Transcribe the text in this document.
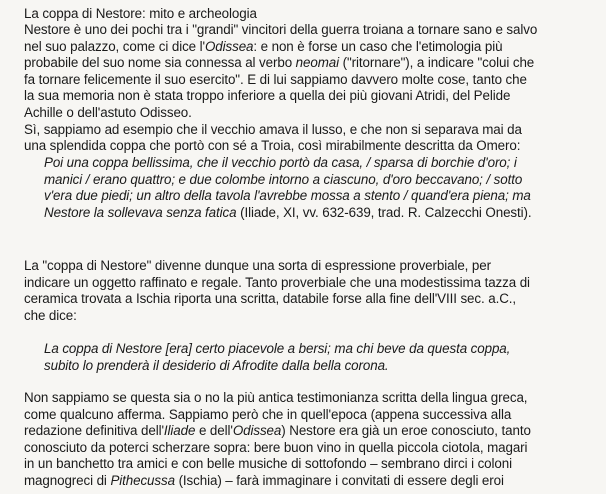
La coppa di Nestore: mito e archeologia
Nestore è uno dei pochi tra i "grandi" vincitori della guerra troiana a tornare sano e salvo
nel suo palazzo, come ci dice l'Odissea: e non è forse un caso che l'etimologia più
probabile del suo nome sia connessa al verbo neomai ("ritornare"), a indicare "colui che
fa tornare felicemente il suo esercito". E di lui sappiamo davvero molte cose, tanto che
la sua memoria non è stata troppo inferiore a quella dei più giovani Atridi, del Pelide
Achille o dell'astuto Odisseo.
Sì, sappiamo ad esempio che il vecchio amava il lusso, e che non si separava mai da
una splendida coppa che portò con sé a Troia, così mirabilmente descritta da Omero:
Poi una coppa bellissima, che il vecchio portò da casa, / sparsa di borchie d'oro; i
manici / erano quattro; e due colombe intorno a ciascuno, d'oro beccavano; / sotto
v'era due piedi; un altro della tavola l'avrebbe mossa a stento / quand'era piena; ma
Nestore la sollevava senza fatica (Iliade, XI, vv. 632-639, trad. R. Calzecchi Onesti).
La "coppa di Nestore" divenne dunque una sorta di espressione proverbiale, per
indicare un oggetto raffinato e regale. Tanto proverbiale che una modestissima tazza di
ceramica trovata a Ischia riporta una scritta, databile forse alla fine dell'VIII sec. a.C.,
che dice:
La coppa di Nestore [era] certo piacevole a bersi; ma chi beve da questa coppa,
subito lo prenderà il desiderio di Afrodite dalla bella corona.
Non sappiamo se questa sia o no la più antica testimonianza scritta della lingua greca,
come qualcuno afferma. Sappiamo però che in quell'epoca (appena successiva alla
redazione definitiva dell'Iliade e dell'Odissea) Nestore era già un eroe conosciuto, tanto
conosciuto da poterci scherzare sopra: bere buon vino in quella piccola ciotola, magari
in un banchetto tra amici e con belle musiche di sottofondo – sembrano dirci i coloni
magnogreci di Pithecussa (Ischia) – farà immaginare i convitati di essere degli eroi
